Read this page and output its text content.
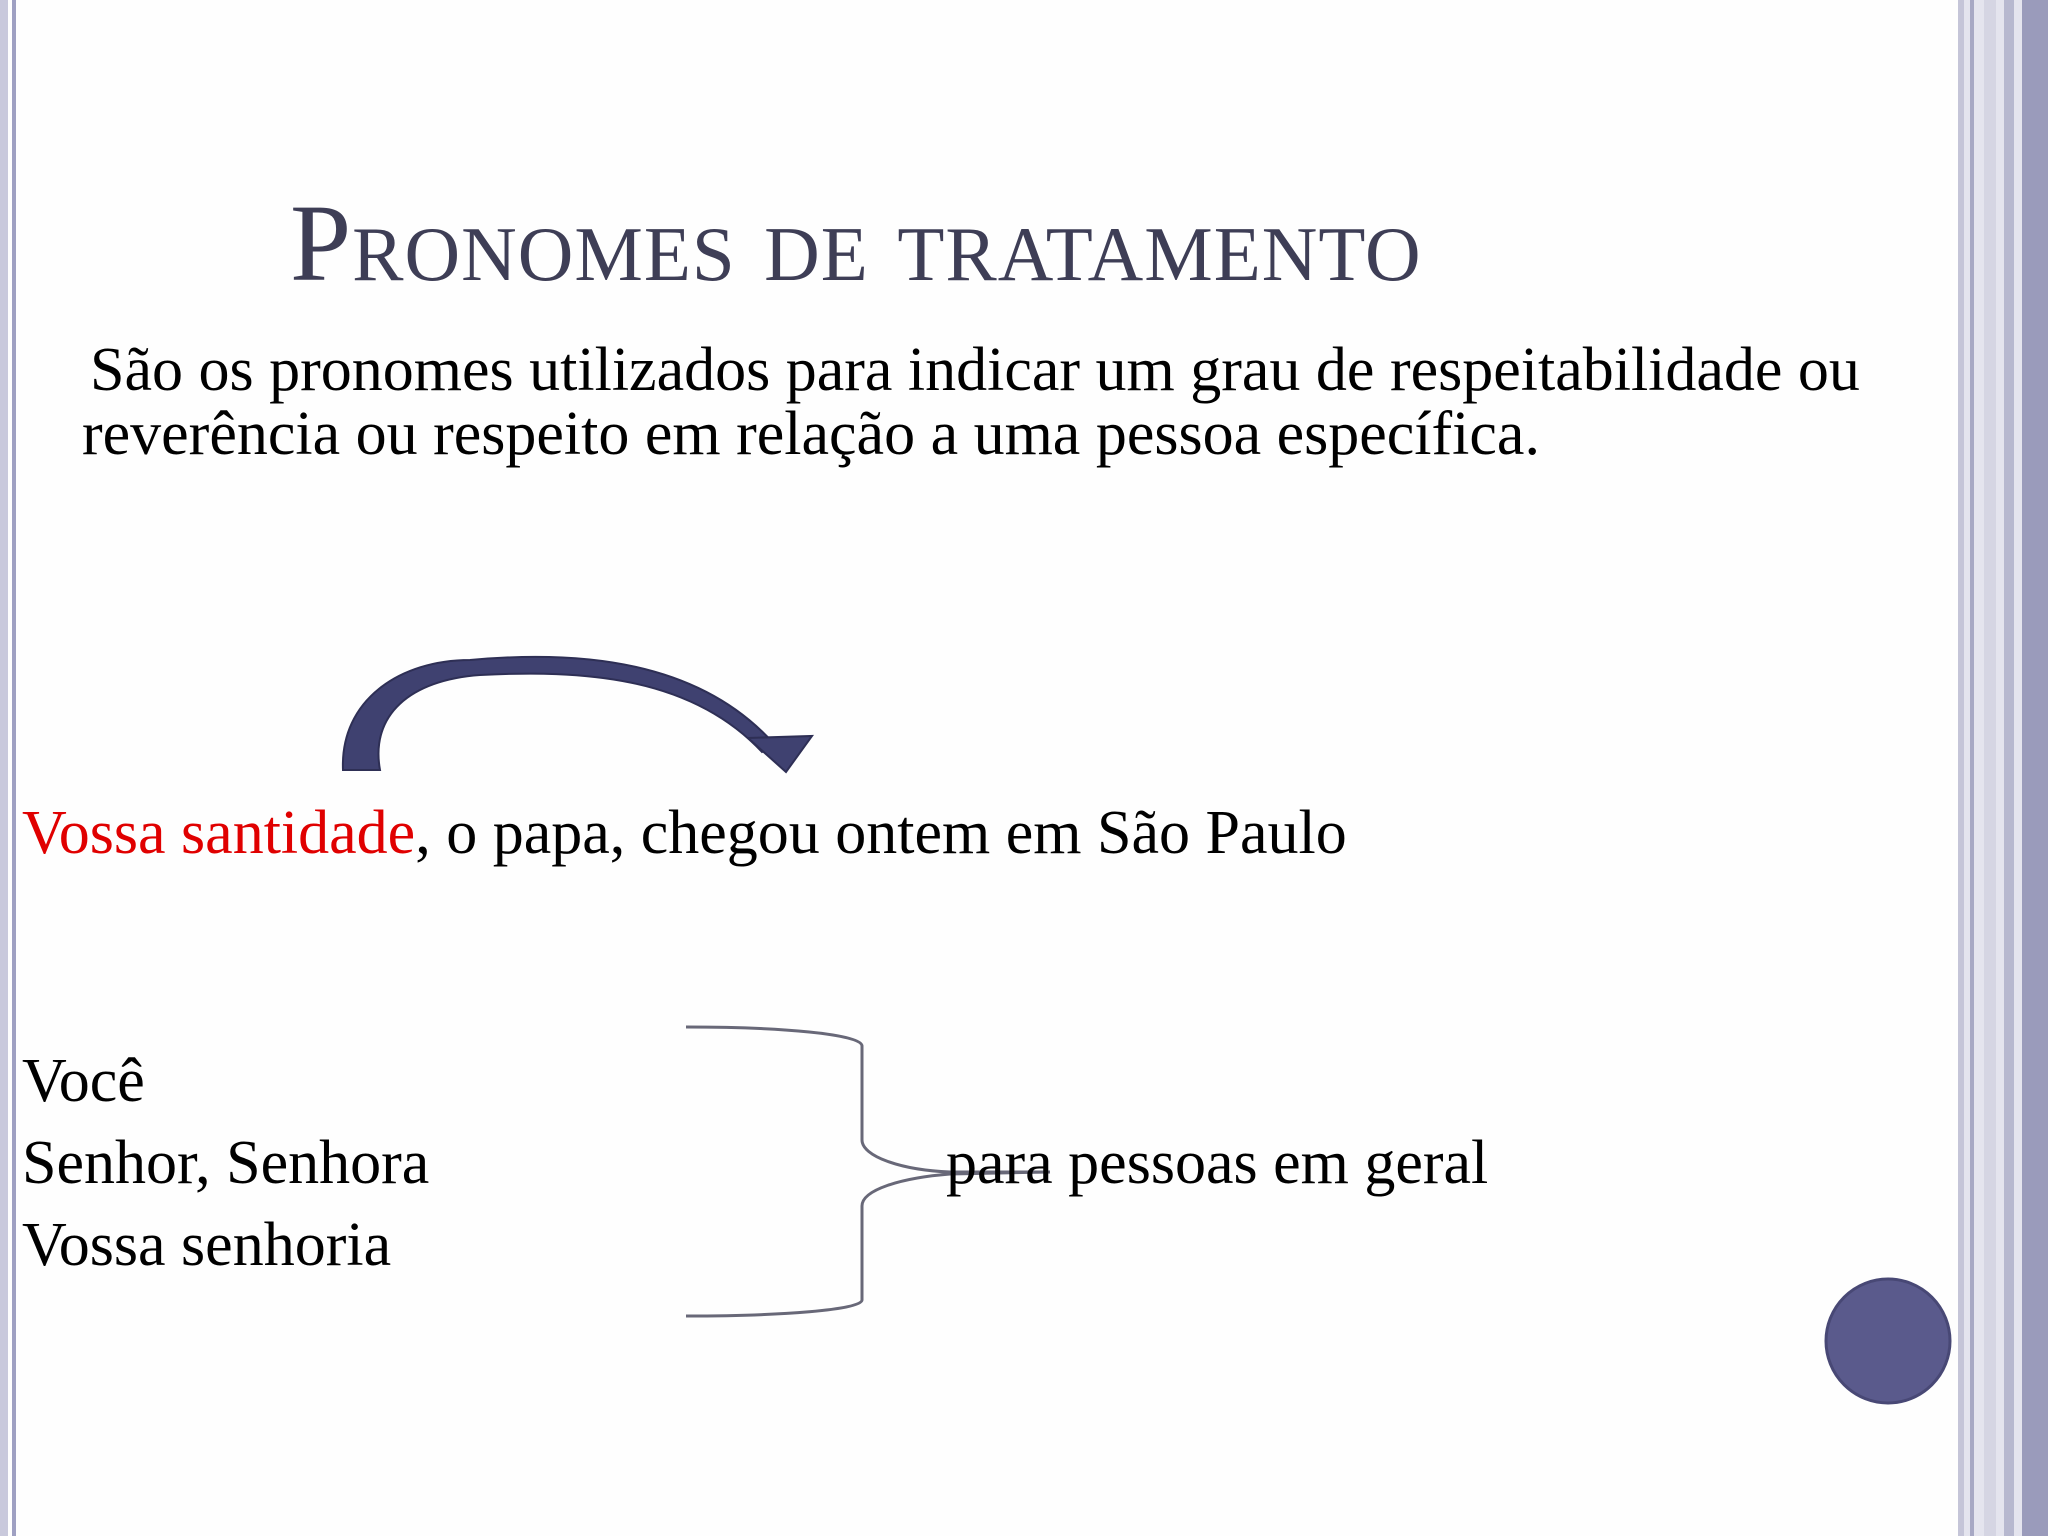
Pronomes de tratamento
São os pronomes utilizados para indicar um grau de respeitabilidade ou reverência ou respeito em relação a uma pessoa específica.
Vossa santidade, o papa, chegou ontem em São Paulo
Você
Senhor, Senhora
Vossa senhoria
para pessoas em geral
